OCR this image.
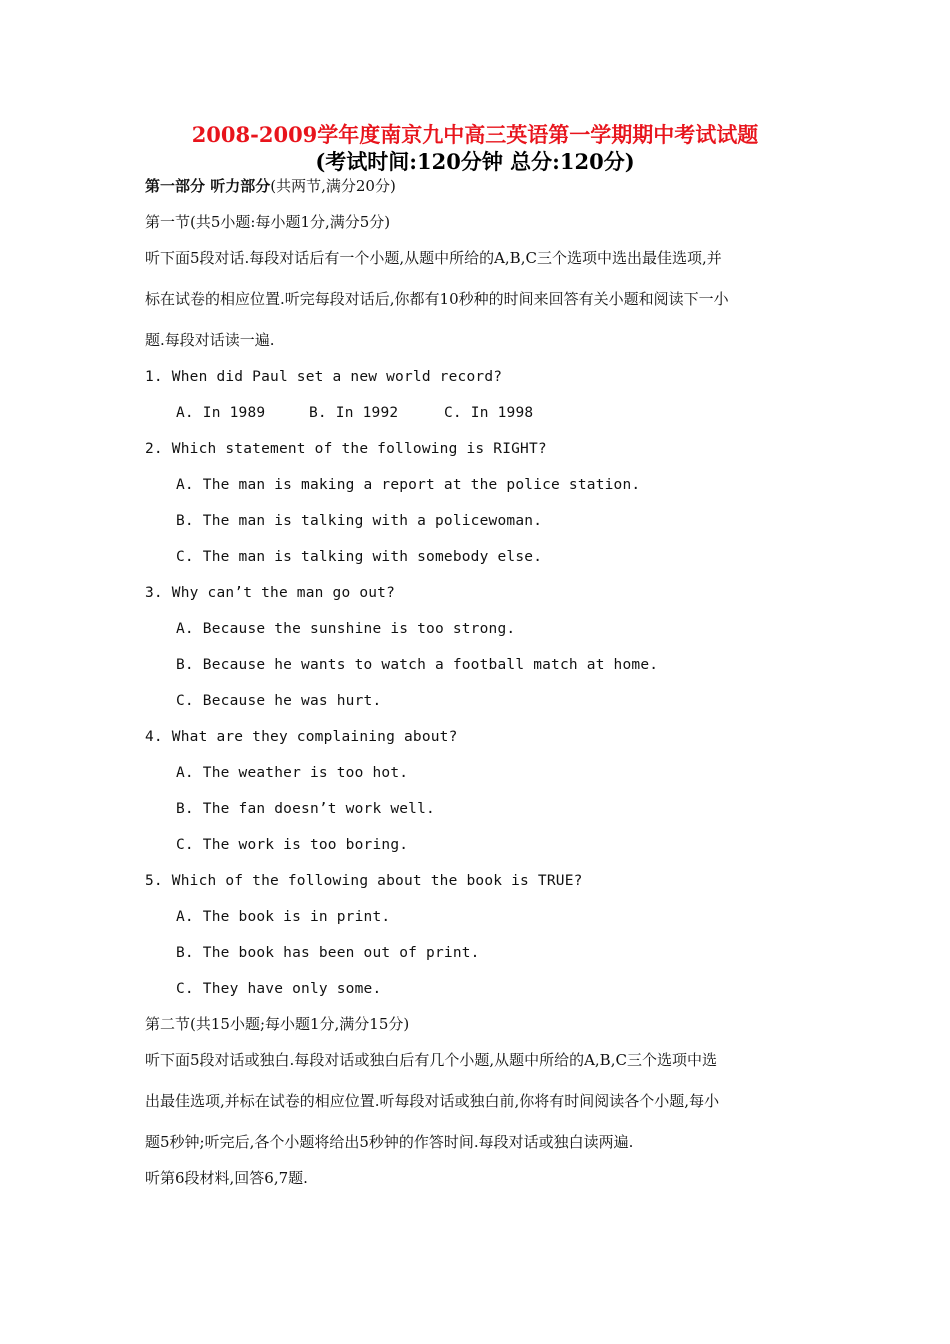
2008-2009学年度南京九中高三英语第一学期期中考试试题
(考试时间:120分钟 总分:120分)
第一部分 听力部分(共两节,满分20分)
第一节(共5小题:每小题1分,满分5分)
听下面5段对话.每段对话后有一个小题,从题中所给的A,B,C三个选项中选出最佳选项,并
标在试卷的相应位置.听完每段对话后,你都有10秒种的时间来回答有关小题和阅读下一小
题.每段对话读一遍.
1. When did Paul set a new world record?
A. In 1989	B. In 1992	C. In 1998
2. Which statement of the following is RIGHT?
A. The man is making a report at the police station.
B. The man is talking with a policewoman.
C. The man is talking with somebody else.
3. Why can’t the man go out?
A. Because the sunshine is too strong.
B. Because he wants to watch a football match at home.
C. Because he was hurt.
4. What are they complaining about?
A. The weather is too hot.
B. The fan doesn’t work well.
C. The work is too boring.
5. Which of the following about the book is TRUE?
A. The book is in print.
B. The book has been out of print.
C. They have only some.
第二节(共15小题;每小题1分,满分15分)
听下面5段对话或独白.每段对话或独白后有几个小题,从题中所给的A,B,C三个选项中选
出最佳选项,并标在试卷的相应位置.听每段对话或独白前,你将有时间阅读各个小题,每小
题5秒钟;听完后,各个小题将给出5秒钟的作答时间.每段对话或独白读两遍.
听第6段材料,回答6,7题.
